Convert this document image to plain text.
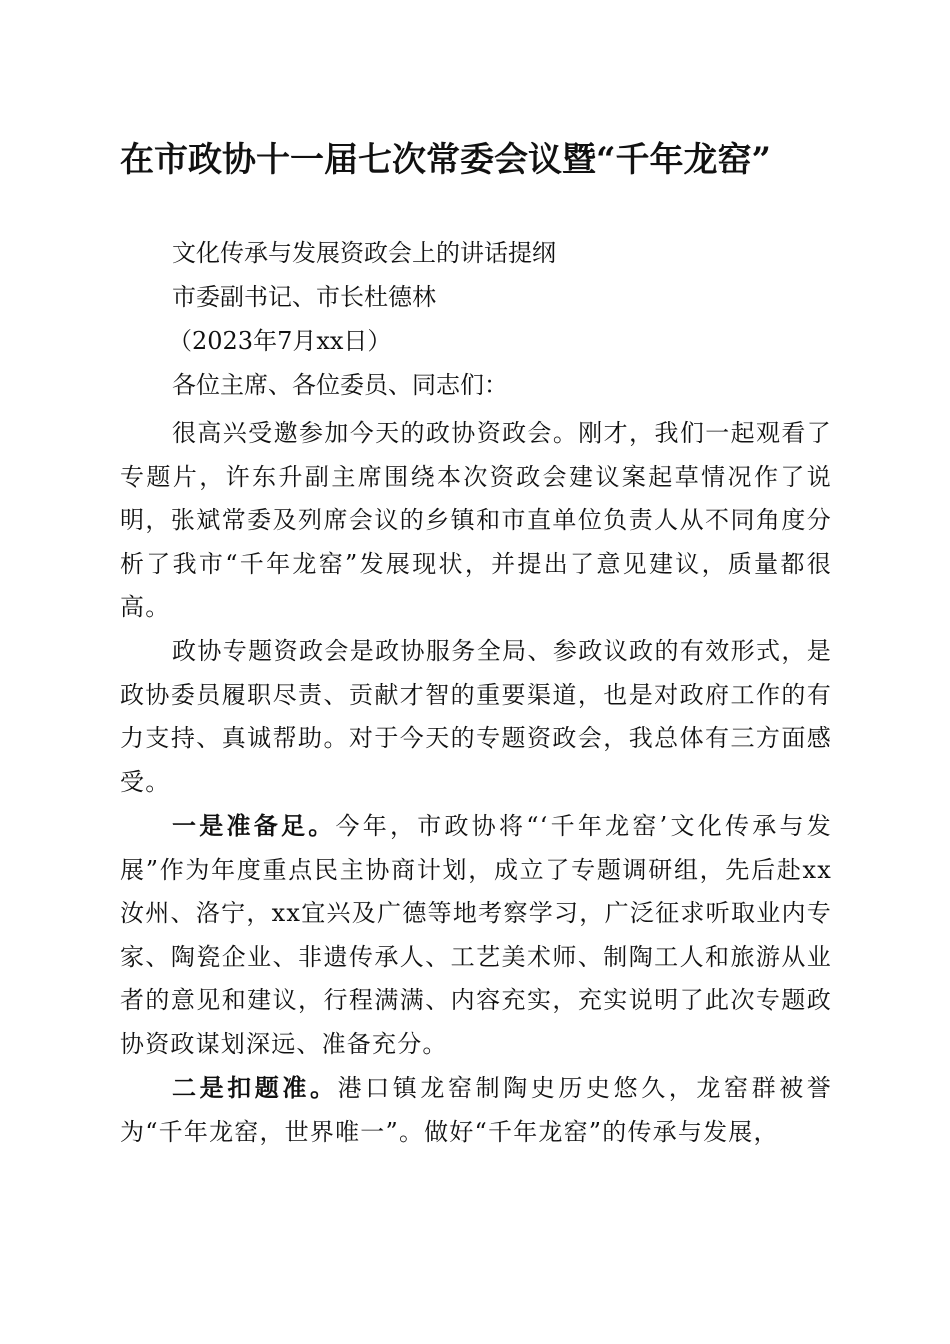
在市政协十一届七次常委会议暨“千年龙窑”
文化传承与发展资政会上的讲话提纲
市委副书记、市长杜德林
（2023年7月xx日）
各位主席、各位委员、同志们：

很高兴受邀参加今天的政协资政会。刚才，我们一起观看了专题片，许东升副主席围绕本次资政会建议案起草情况作了说明，张斌常委及列席会议的乡镇和市直单位负责人从不同角度分析了我市“千年龙窑”发展现状，并提出了意见建议，质量都很高。

政协专题资政会是政协服务全局、参政议政的有效形式，是政协委员履职尽责、贡献才智的重要渠道，也是对政府工作的有力支持、真诚帮助。对于今天的专题资政会，我总体有三方面感受。

一是准备足。今年，市政协将“‘千年龙窑’文化传承与发展”作为年度重点民主协商计划，成立了专题调研组，先后赴xx汝州、洛宁，xx宜兴及广德等地考察学习，广泛征求听取业内专家、陶瓷企业、非遗传承人、工艺美术师、制陶工人和旅游从业者的意见和建议，行程满满、内容充实，充实说明了此次专题政协资政谋划深远、准备充分。

二是扣题准。港口镇龙窑制陶史历史悠久，龙窑群被誉为“千年龙窑，世界唯一”。做好“千年龙窑”的传承与发展，
